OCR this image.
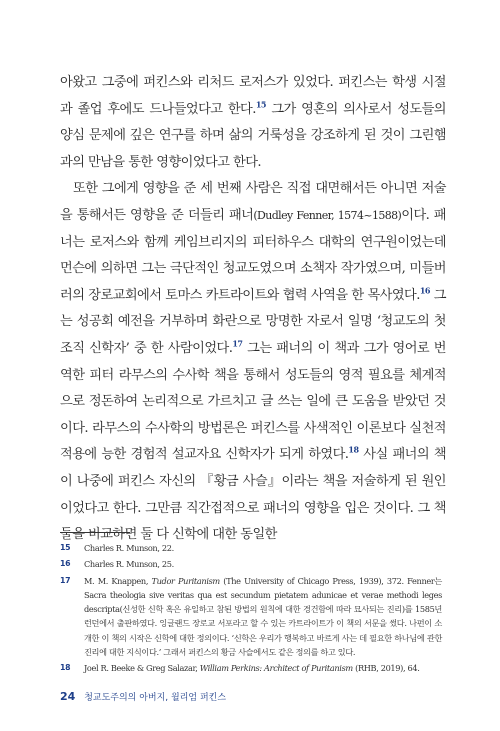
아왔고 그중에 퍼킨스와 리처드 로저스가 있었다. 퍼킨스는 학생 시절과 졸업 후에도 드나들었다고 한다.$^{15}$ 그가 영혼의 의사로서 성도들의 양심 문제에 깊은 연구를 하며 삶의 거룩성을 강조하게 된 것이 그린햄과의 만남을 통한 영향이었다고 한다.

또한 그에게 영향을 준 세 번째 사람은 직접 대면해서든 아니면 저술을 통해서든 영향을 준 더들리 패너(Dudley Fenner, 1574~1588)이다. 패너는 로저스와 함께 케임브리지의 피터하우스 대학의 연구원이었는데 먼슨에 의하면 그는 극단적인 청교도였으며 소책자 작가였으며, 미들버러의 장로교회에서 토마스 카트라이트와 협력 사역을 한 목사였다.$^{16}$ 그는 성공회 예전을 거부하며 화란으로 망명한 자로서 일명 ‘청교도의 첫 조직 신학자’ 중 한 사람이었다.$^{17}$ 그는 패너의 이 책과 그가 영어로 번역한 피터 라무스의 수사학 책을 통해서 성도들의 영적 필요를 체계적으로 정돈하여 논리적으로 가르치고 글 쓰는 일에 큰 도움을 받았던 것이다. 라무스의 수사학의 방법론은 퍼킨스를 사색적인 이론보다 실천적 적용에 능한 경험적 설교자요 신학자가 되게 하였다.$^{18}$ 사실 패너의 책이 나중에 퍼킨스 자신의 『황금 사슬』이라는 책을 저술하게 된 원인이었다고 한다. 그만큼 직간접적으로 패너의 영향을 입은 것이다. 그 책 둘을 비교하면 둘 다 신학에 대한 동일한

15	Charles R. Munson, 22.
16	Charles R. Munson, 25.
17	M. M. Knappen, Tudor Puritanism (The University of Chicago Press, 1939), 372. Fenner는 Sacra theologia sive veritas qua est secundum pietatem adunicae et verae methodi leges descripta(신성한 신학 혹은 유일하고 참된 방법의 원칙에 대한 경건함에 따라 묘사되는 진리)를 1585년 런던에서 출판하였다. 잉글랜드 장로교 서포라고 할 수 있는 카트라이트가 이 책의 서문을 썼다. 나펀이 소개한 이 책의 시작은 신학에 대한 정의이다. ‘신학은 우리가 행복하고 바르게 사는 데 필요한 하나님에 관한 진리에 대한 지식이다.’ 그래서 퍼킨스의 황금 사슬에서도 같은 정의를 하고 있다.
18	Joel R. Beeke & Greg Salazar, William Perkins: Architect of Puritanism (RHB, 2019), 64.
24 청교도주의의 아버지, 윌리엄 퍼킨스
